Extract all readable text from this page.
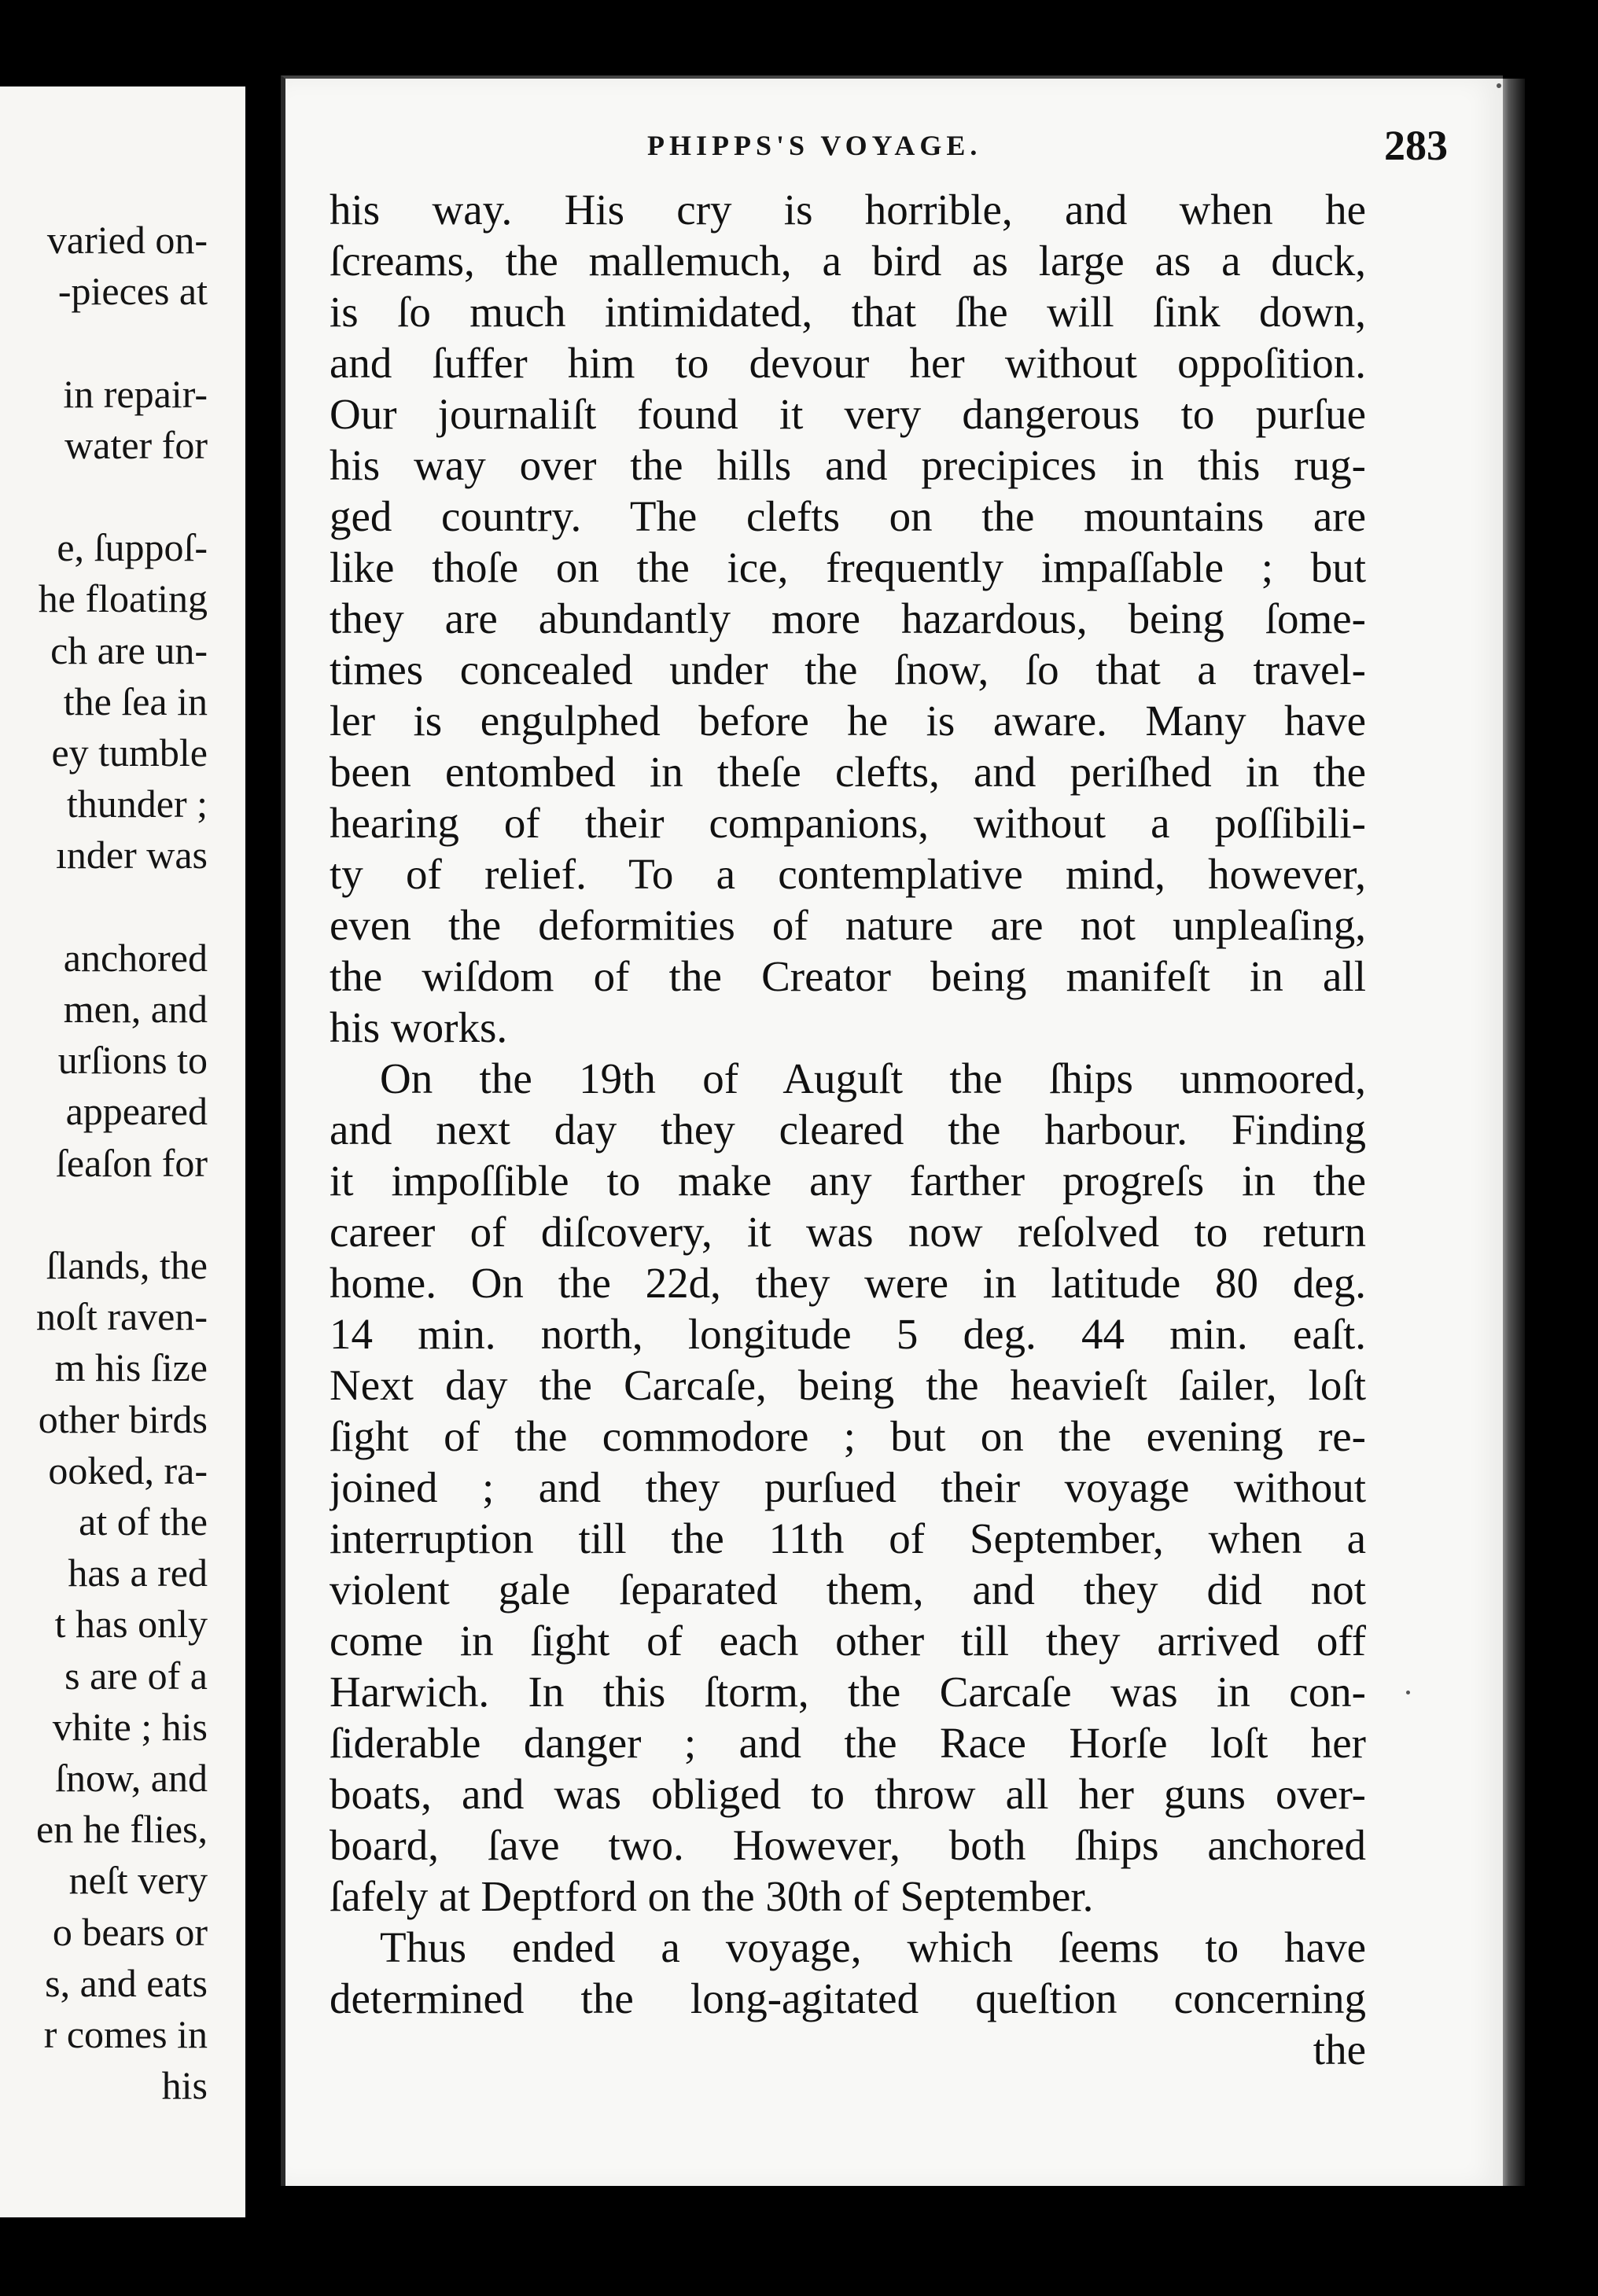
varied on-
-pieces at
in repair-
water for
e, ſuppoſ-
he floating
ch are un-
the ſea in
ey tumble
thunder ;
ınder was
anchored
men, and
urſions to
appeared
ſeaſon for
ſlands, the
noſt raven-
m his ſize
other birds
ooked, ra-
at of the
has a red
t has only
s are of a
vhite ; his
ſnow, and
en he flies,
neſt very
o bears or
s, and eats
r comes in
his
PHIPPS'S VOYAGE.	283
his way. His cry is horrible, and when he
ſcreams, the mallemuch, a bird as large as a duck,
is ſo much intimidated, that ſhe will ſink down,
and ſuffer him to devour her without oppoſition.
Our journaliſt found it very dangerous to purſue
his way over the hills and precipices in this rug-
ged country. The clefts on the mountains are
like thoſe on the ice, frequently impaſſable ; but
they are abundantly more hazardous, being ſome-
times concealed under the ſnow, ſo that a travel-
ler is engulphed before he is aware. Many have
been entombed in theſe clefts, and periſhed in the
hearing of their companions, without a poſſibili-
ty of relief. To a contemplative mind, however,
even the deformities of nature are not unpleaſing,
the wiſdom of the Creator being manifeſt in all
his works.
On the 19th of Auguſt the ſhips unmoored,
and next day they cleared the harbour. Finding
it impoſſible to make any farther progreſs in the
career of diſcovery, it was now reſolved to return
home. On the 22d, they were in latitude 80 deg.
14 min. north, longitude 5 deg. 44 min. eaſt.
Next day the Carcaſe, being the heavieſt ſailer, loſt
ſight of the commodore ; but on the evening re-
joined ; and they purſued their voyage without
interruption till the 11th of September, when a
violent gale ſeparated them, and they did not
come in ſight of each other till they arrived off
Harwich. In this ſtorm, the Carcaſe was in con-
ſiderable danger ; and the Race Horſe loſt her
boats, and was obliged to throw all her guns over-
board, ſave two. However, both ſhips anchored
ſafely at Deptford on the 30th of September.
Thus ended a voyage, which ſeems to have
determined the long-agitated queſtion concerning
the
